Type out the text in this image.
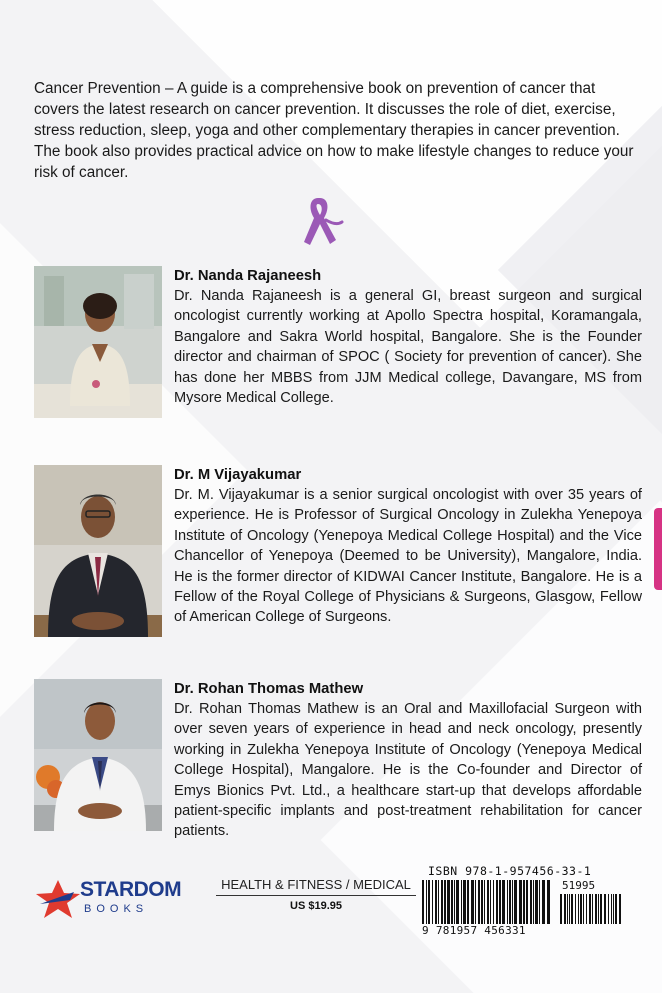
Cancer Prevention – A guide is a comprehensive book on prevention of cancer that covers the latest research on cancer prevention. It discusses the role of diet, exercise, stress reduction, sleep, yoga and other complementary therapies in cancer prevention. The book also provides practical advice on how to make lifestyle changes to reduce your risk of cancer.

Dr. Nanda Rajaneesh

Dr. Nanda Rajaneesh is a general GI, breast surgeon and surgical oncologist currently working at Apollo Spectra hospital, Koramangala, Bangalore and Sakra World hospital, Bangalore. She is the Founder director and chairman of SPOC ( Society for prevention of cancer). She has done her MBBS from JJM Medical college, Davangare, MS from Mysore Medical College.

Dr. M Vijayakumar

Dr. M. Vijayakumar is a senior surgical oncologist with over 35 years of experience. He is Professor of Surgical Oncology in Zulekha Yenepoya Institute of Oncology (Yenepoya Medical College Hospital) and the Vice Chancellor of Yenepoya (Deemed to be University), Mangalore, India. He is the former director of KIDWAI Cancer Institute, Bangalore. He is a Fellow of the Royal College of Physicians & Surgeons, Glasgow, Fellow of American College of Surgeons.

Dr. Rohan Thomas Mathew

Dr. Rohan Thomas Mathew is an Oral and Maxillofacial Surgeon with over seven years of experience in head and neck oncology, presently working in Zulekha Yenepoya Institute of Oncology (Yenepoya Medical College Hospital), Mangalore. He is the Co-founder and Director of Emys Bionics Pvt. Ltd., a healthcare start-up that develops affordable patient-specific implants and post-treatment rehabilitation for cancer patients.

STARDOM
BOOKS
HEALTH & FITNESS / MEDICAL
US $19.95
ISBN 978-1-957456-33-1
51995
9 781957 456331
